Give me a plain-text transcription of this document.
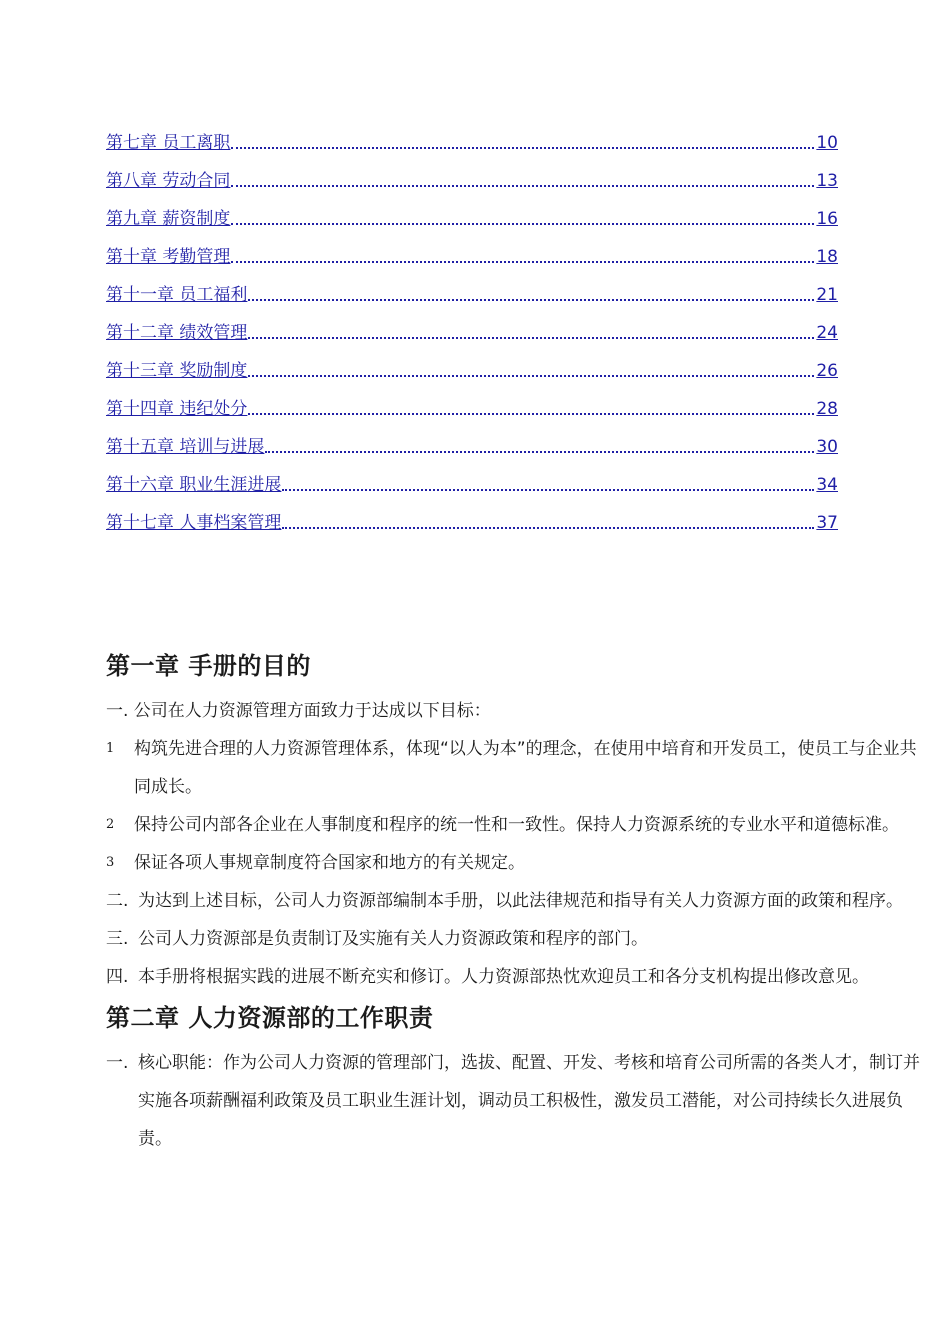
第七章 员工离职	10
第八章 劳动合同	13
第九章 薪资制度	16
第十章 考勤管理	18
第十一章 员工福利	21
第十二章 绩效管理	24
第十三章 奖励制度	26
第十四章 违纪处分	28
第十五章 培训与进展	30
第十六章 职业生涯进展	34
第十七章 人事档案管理	37
第一章 手册的目的

一. 公司在人力资源管理方面致力于达成以下目标：

1	构筑先进合理的人力资源管理体系，体现“以人为本”的理念，在使用中培育和开发员工，使员工与企业共同成长。
2	保持公司内部各企业在人事制度和程序的统一性和一致性。保持人力资源系统的专业水平和道德标准。
3	保证各项人事规章制度符合国家和地方的有关规定。
二. 为达到上述目标，公司人力资源部编制本手册，以此法律规范和指导有关人力资源方面的政策和程序。
三. 公司人力资源部是负责制订及实施有关人力资源政策和程序的部门。
四. 本手册将根据实践的进展不断充实和修订。人力资源部热忱欢迎员工和各分支机构提出修改意见。
第二章 人力资源部的工作职责
一. 核心职能：作为公司人力资源的管理部门，选拔、配置、开发、考核和培育公司所需的各类人才，制订并实施各项薪酬福利政策及员工职业生涯计划，调动员工积极性，激发员工潜能，对公司持续长久进展负责。
